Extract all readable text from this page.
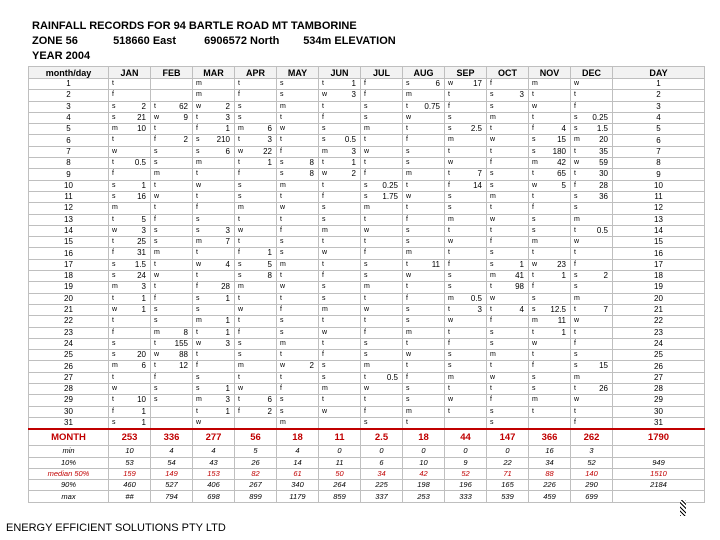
RAINFALL RECORDS FOR 94 BARTLE ROAD MT TAMBORINE
ZONE 56	518660 East	6906572 North 534m ELEVATION
YEAR 2004
month/day	JAN	FEB	MAR	APR	MAY	JUN	JUL	AUG	SEP	OCT	NOV	DEC	DAY
1	t		m	t	s	t 1	f	s 6	w 17	f	m	w	1
2	f		m	f	s	w 3	f	m	t	s 3	t	t	2
3	s 2	t 62	w 2	s	m	t	s	t 0.75	f	s	w	f	3
4	s 21	w 9	t 3	s	t	f	s	w	s	m	t	s 0.25	4
5	m 10	t	f 1	m 6	w	s	m	t	s 2.5	t	f 4	s 1.5	5
6	t	f 2	s 210	t 3	t	s 0.5	t	f	m	w	s 15	m 20	6
7	w	s	s 6	w 22	f	m 3	w	s	t	t	s 180	t 35	7
8	t 0.5	s	m	t 1	s 8	t 1	t	s	w	f	m 42	w 59	8
9	f	m	t	f	s 8	w 2	f	m	t 7	s	t 65	t 30	9
10	s 1	t	w	s	m	t	s 0.25	t	f 14	s	w 5	f 28	10
11	s 16	w	t	s	t	f	s 1.75	w	s	m	t	s 36	11
12	m	t	f	m	w	s	m	t	s	t	f	s	12
13	t 5	f	s	t	t	s	t	f	m	w	s	m	13
14	w 3	s	s 3	w	f	m	w	s	t	t	s	t 0.5	14
15	t 25	s	m 7	t	s	t	t	s	w	f	m	w	15
16	f 31	m	t	f 1	s	w	f	m	t	s	t	t	16
17	s 1.5	t	w 4	s 5	m	t	s	t 11	f	s 1	w 23	f	17
18	s 24	w	t	s 8	t	f	s	w	s	m 41	t 1	s 2	18
19	m 3	t	f 28	m	w	s	m	t	s	t 98	f	s	19
20	t 1	f	s 1	t	t	s	t	f	m 0.5	w	s	m	20
21	w 1	s	s	w	f	m	w	s	t 3	t 4	s 12.5	t 7	21
22	t	s	m 1	t	s	t	t	s	w	f	m 11	w	22
23	f	m 8	t 1	f	s	w	f	m	t	s	t 1	t	23
24	s	t 155	w 3	s	m	t	s	t	f	s	w	f	24
25	s 20	w 88	t	s	t	f	s	w	s	m	t	s	25
26	m 6	t 12	f	m	w 2	s	m	t	s	t	f	s 15	26
27	t	f	s	t	t	s	t 0.5	f	m	w	s	m	27
28	w	s	s 1	w	f	m	w	s	t	t	s	t 26	28
29	t 10	s	m 3	t 6	s	t	t	s	w	f	m	w	29
30	f 1		t 1	f 2	s	w	f	m	t	s	t	t	30
31	s 1		w		m		s	t		s		f	31
MONTH	253	336	277	56	18	11	2.5	18	44	147	366	262	1790
min	10	4	4	5	4	0	0	0	0	0	16	3	
10%	53	54	43	26	14	11	6	10	9	22	34	52	949
median 50%	159	149	153	82	61	50	34	42	52	71	88	140	1510
90%	460	527	406	267	340	264	225	198	196	165	226	290	2184
max	##	794	698	899	1179	859	337	253	333	539	459	699	
ENERGY EFFICIENT SOLUTIONS PTY LTD
